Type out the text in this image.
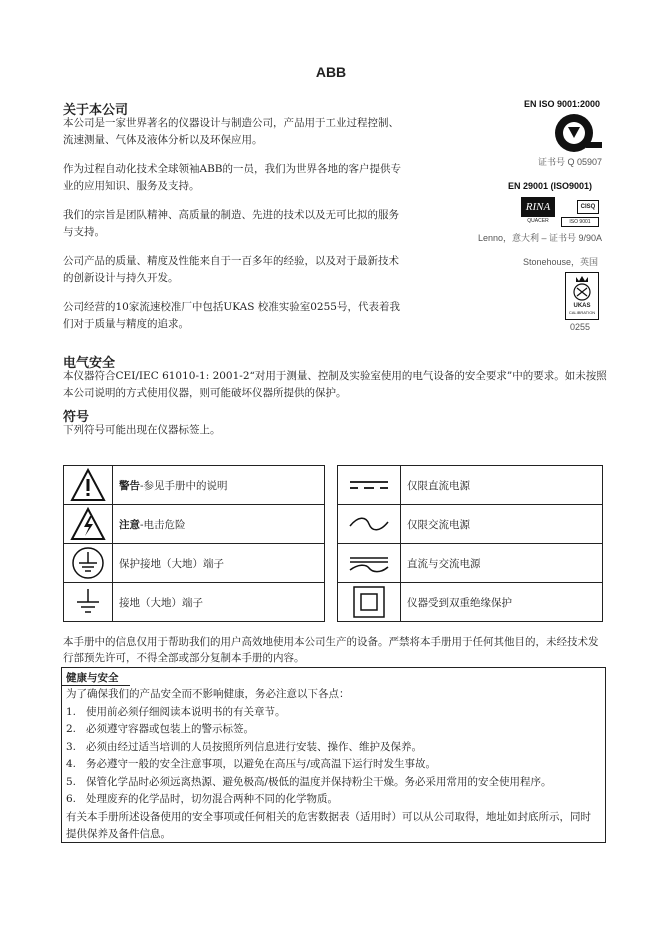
ABB
关于本公司

本公司是一家世界著名的仪器设计与制造公司，产品用于工业过程控制、流速测量、气体及液体分析以及环保应用。

作为过程自动化技术全球领袖ABB的一员，我们为世界各地的客户提供专业的应用知识、服务及支持。

我们的宗旨是团队精神、高质量的制造、先进的技术以及无可比拟的服务与支持。

公司产品的质量、精度及性能来自于一百多年的经验，以及对于最新技术的创新设计与持久开发。

公司经营的10家流速校准厂中包括UKAS 校准实验室0255号，代表着我们对于质量与精度的追求。

EN ISO 9001:2000
证书号 Q 05907
EN 29001 (ISO9001)
RINA
QUACER
CISQ
ISO 9001
Lenno，意大利 – 证书号 9/90A
Stonehouse，英国
UKAS
CALIBRATION
0255
电气安全
本仪器符合CEI/IEC 61010-1: 2001-2“对用于测量、控制及实验室使用的电气设备的安全要求”中的要求。如未按照本公司说明的方式使用仪器，则可能破坏仪器所提供的保护。
符号
下列符号可能出现在仪器标签上。
	警告-参见手册中的说明

	注意-电击危险

	保护接地（大地）端子

	接地（大地）端子
	仅限直流电源

	仅限交流电源

	直流与交流电源

	仪器受到双重绝缘保护
本手册中的信息仅用于帮助我们的用户高效地使用本公司生产的设备。严禁将本手册用于任何其他目的，未经技术发行部预先许可，不得全部或部分复制本手册的内容。
健康与安全
为了确保我们的产品安全而不影响健康，务必注意以下各点：
1. 使用前必须仔细阅读本说明书的有关章节。
2. 必须遵守容器或包装上的警示标签。
3. 必须由经过适当培训的人员按照所列信息进行安装、操作、维护及保养。
4. 务必遵守一般的安全注意事项，以避免在高压与/或高温下运行时发生事故。
5. 保管化学品时必须远离热源、避免极高/极低的温度并保持粉尘干燥。务必采用常用的安全使用程序。
6. 处理废弃的化学品时，切勿混合两种不同的化学物质。
有关本手册所述设备使用的安全事项或任何相关的危害数据表（适用时）可以从公司取得，地址如封底所示，同时提供保养及备件信息。
